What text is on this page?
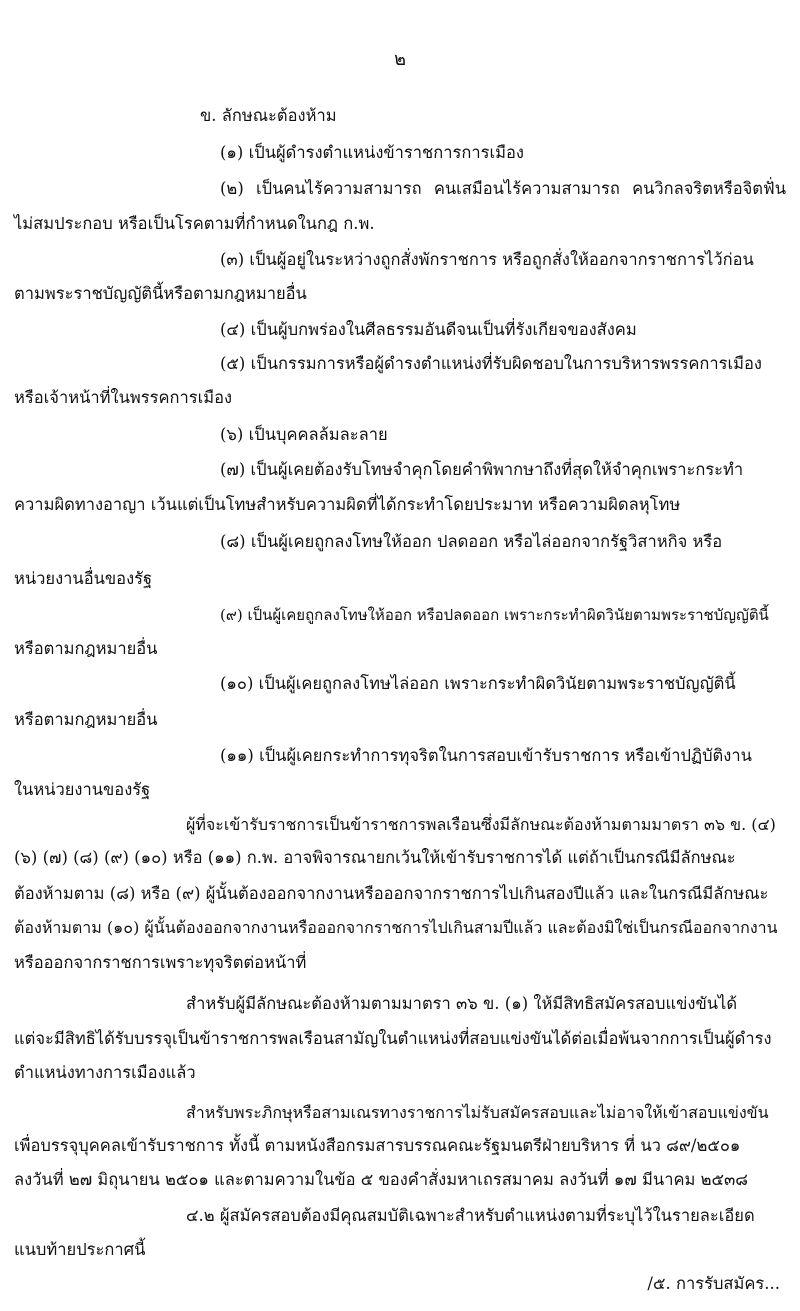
๒
ข. ลักษณะต้องห้าม
(๑) เป็นผู้ดำรงตำแหน่งข้าราชการการเมือง
(๒) เป็นคนไร้ความสามารถ คนเสมือนไร้ความสามารถ คนวิกลจริตหรือจิตฟั่น
ไม่สมประกอบ หรือเป็นโรคตามที่กำหนดในกฎ ก.พ.
(๓) เป็นผู้อยู่ในระหว่างถูกสั่งพักราชการ หรือถูกสั่งให้ออกจากราชการไว้ก่อน
ตามพระราชบัญญัตินี้หรือตามกฎหมายอื่น
(๔) เป็นผู้บกพร่องในศีลธรรมอันดีจนเป็นที่รังเกียจของสังคม
(๕) เป็นกรรมการหรือผู้ดำรงตำแหน่งที่รับผิดชอบในการบริหารพรรคการเมือง
หรือเจ้าหน้าที่ในพรรคการเมือง
(๖) เป็นบุคคลล้มละลาย
(๗) เป็นผู้เคยต้องรับโทษจำคุกโดยคำพิพากษาถึงที่สุดให้จำคุกเพราะกระทำ
ความผิดทางอาญา เว้นแต่เป็นโทษสำหรับความผิดที่ได้กระทำโดยประมาท หรือความผิดลหุโทษ
(๘) เป็นผู้เคยถูกลงโทษให้ออก ปลดออก หรือไล่ออกจากรัฐวิสาหกิจ หรือ
หน่วยงานอื่นของรัฐ
(๙) เป็นผู้เคยถูกลงโทษให้ออก หรือปลดออก เพราะกระทำผิดวินัยตามพระราชบัญญัตินี้
หรือตามกฎหมายอื่น
(๑๐) เป็นผู้เคยถูกลงโทษไล่ออก เพราะกระทำผิดวินัยตามพระราชบัญญัตินี้
หรือตามกฎหมายอื่น
(๑๑) เป็นผู้เคยกระทำการทุจริตในการสอบเข้ารับราชการ หรือเข้าปฏิบัติงาน
ในหน่วยงานของรัฐ
ผู้ที่จะเข้ารับราชการเป็นข้าราชการพลเรือนซึ่งมีลักษณะต้องห้ามตามมาตรา ๓๖ ข. (๔)
(๖) (๗) (๘) (๙) (๑๐) หรือ (๑๑) ก.พ. อาจพิจารณายกเว้นให้เข้ารับราชการได้ แต่ถ้าเป็นกรณีมีลักษณะ
ต้องห้ามตาม (๘) หรือ (๙) ผู้นั้นต้องออกจากงานหรือออกจากราชการไปเกินสองปีแล้ว และในกรณีมีลักษณะ
ต้องห้ามตาม (๑๐) ผู้นั้นต้องออกจากงานหรือออกจากราชการไปเกินสามปีแล้ว และต้องมิใช่เป็นกรณีออกจากงาน
หรือออกจากราชการเพราะทุจริตต่อหน้าที่
สำหรับผู้มีลักษณะต้องห้ามตามมาตรา ๓๖ ข. (๑) ให้มีสิทธิสมัครสอบแข่งขันได้
แต่จะมีสิทธิได้รับบรรจุเป็นข้าราชการพลเรือนสามัญในตำแหน่งที่สอบแข่งขันได้ต่อเมื่อพ้นจากการเป็นผู้ดำรง
ตำแหน่งทางการเมืองแล้ว
สำหรับพระภิกษุหรือสามเณรทางราชการไม่รับสมัครสอบและไม่อาจให้เข้าสอบแข่งขัน
เพื่อบรรจุบุคคลเข้ารับราชการ ทั้งนี้ ตามหนังสือกรมสารบรรณคณะรัฐมนตรีฝ่ายบริหาร ที่ นว ๘๙/๒๕๐๑
ลงวันที่ ๒๗ มิถุนายน ๒๕๐๑ และตามความในข้อ ๕ ของคำสั่งมหาเถรสมาคม ลงวันที่ ๑๗ มีนาคม ๒๕๓๘
๔.๒ ผู้สมัครสอบต้องมีคุณสมบัติเฉพาะสำหรับตำแหน่งตามที่ระบุไว้ในรายละเอียด
แนบท้ายประกาศนี้
/๕. การรับสมัคร...
